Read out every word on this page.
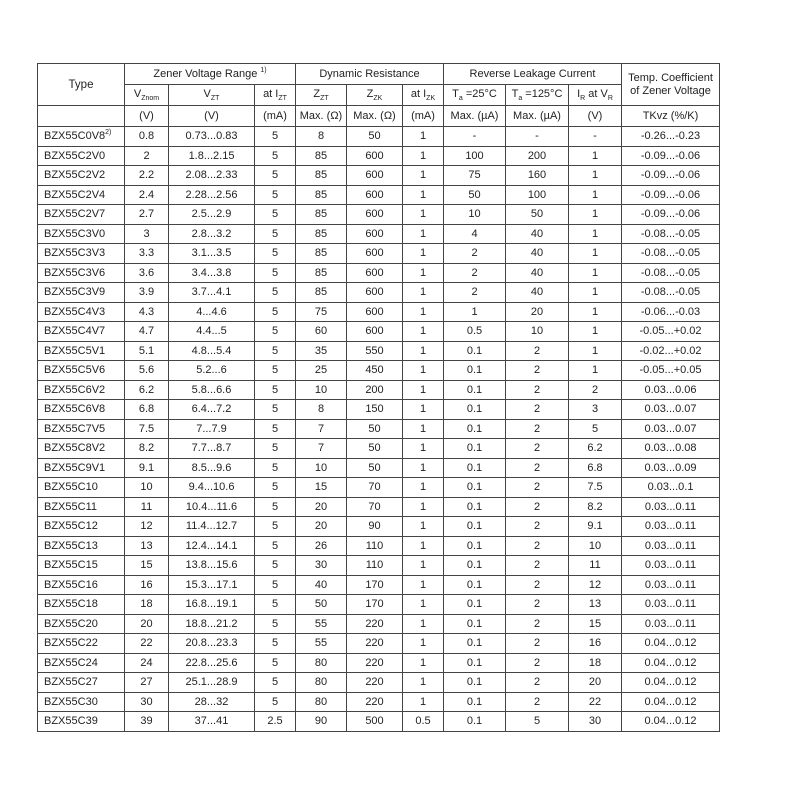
Type	Zener Voltage Range $^{1)}$			Dynamic Resistance			Reverse Leakage Current			Temp. Coefficient
of Zener Voltage

	$V_{Znom}$	$V_{ZT}$	at $I_{ZT}$	$Z_{ZT}$	$Z_{ZK}$	at $I_{ZK}$	$T_a =25^\circ C$	$T_a =125^\circ C$	$I_R$ at $V_R$
	(V)	(V)	(mA)	Max. (Ω)	Max. (Ω)	(mA)	Max. (µA)	Max. (µA)	(V)	TKvz (%/K)
BZX55C0V8$^{2)}$	0.8	0.73...0.83	5	8	50	1	-	-	-	-0.26...-0.23
BZX55C2V0	2	1.8...2.15	5	85	600	1	100	200	1	-0.09...-0.06
BZX55C2V2	2.2	2.08...2.33	5	85	600	1	75	160	1	-0.09...-0.06
BZX55C2V4	2.4	2.28...2.56	5	85	600	1	50	100	1	-0.09...-0.06
BZX55C2V7	2.7	2.5...2.9	5	85	600	1	10	50	1	-0.09...-0.06
BZX55C3V0	3	2.8...3.2	5	85	600	1	4	40	1	-0.08...-0.05
BZX55C3V3	3.3	3.1...3.5	5	85	600	1	2	40	1	-0.08...-0.05
BZX55C3V6	3.6	3.4...3.8	5	85	600	1	2	40	1	-0.08...-0.05
BZX55C3V9	3.9	3.7...4.1	5	85	600	1	2	40	1	-0.08...-0.05
BZX55C4V3	4.3	4...4.6	5	75	600	1	1	20	1	-0.06...-0.03
BZX55C4V7	4.7	4.4...5	5	60	600	1	0.5	10	1	-0.05...+0.02
BZX55C5V1	5.1	4.8...5.4	5	35	550	1	0.1	2	1	-0.02...+0.02
BZX55C5V6	5.6	5.2...6	5	25	450	1	0.1	2	1	-0.05...+0.05
BZX55C6V2	6.2	5.8...6.6	5	10	200	1	0.1	2	2	0.03...0.06
BZX55C6V8	6.8	6.4...7.2	5	8	150	1	0.1	2	3	0.03...0.07
BZX55C7V5	7.5	7...7.9	5	7	50	1	0.1	2	5	0.03...0.07
BZX55C8V2	8.2	7.7...8.7	5	7	50	1	0.1	2	6.2	0.03...0.08
BZX55C9V1	9.1	8.5...9.6	5	10	50	1	0.1	2	6.8	0.03...0.09
BZX55C10	10	9.4...10.6	5	15	70	1	0.1	2	7.5	0.03...0.1
BZX55C11	11	10.4...11.6	5	20	70	1	0.1	2	8.2	0.03...0.11
BZX55C12	12	11.4...12.7	5	20	90	1	0.1	2	9.1	0.03...0.11
BZX55C13	13	12.4...14.1	5	26	110	1	0.1	2	10	0.03...0.11
BZX55C15	15	13.8...15.6	5	30	110	1	0.1	2	11	0.03...0.11
BZX55C16	16	15.3...17.1	5	40	170	1	0.1	2	12	0.03...0.11
BZX55C18	18	16.8...19.1	5	50	170	1	0.1	2	13	0.03...0.11
BZX55C20	20	18.8...21.2	5	55	220	1	0.1	2	15	0.03...0.11
BZX55C22	22	20.8...23.3	5	55	220	1	0.1	2	16	0.04...0.12
BZX55C24	24	22.8...25.6	5	80	220	1	0.1	2	18	0.04...0.12
BZX55C27	27	25.1...28.9	5	80	220	1	0.1	2	20	0.04...0.12
BZX55C30	30	28...32	5	80	220	1	0.1	2	22	0.04...0.12
BZX55C39	39	37...41	2.5	90	500	0.5	0.1	5	30	0.04...0.12
